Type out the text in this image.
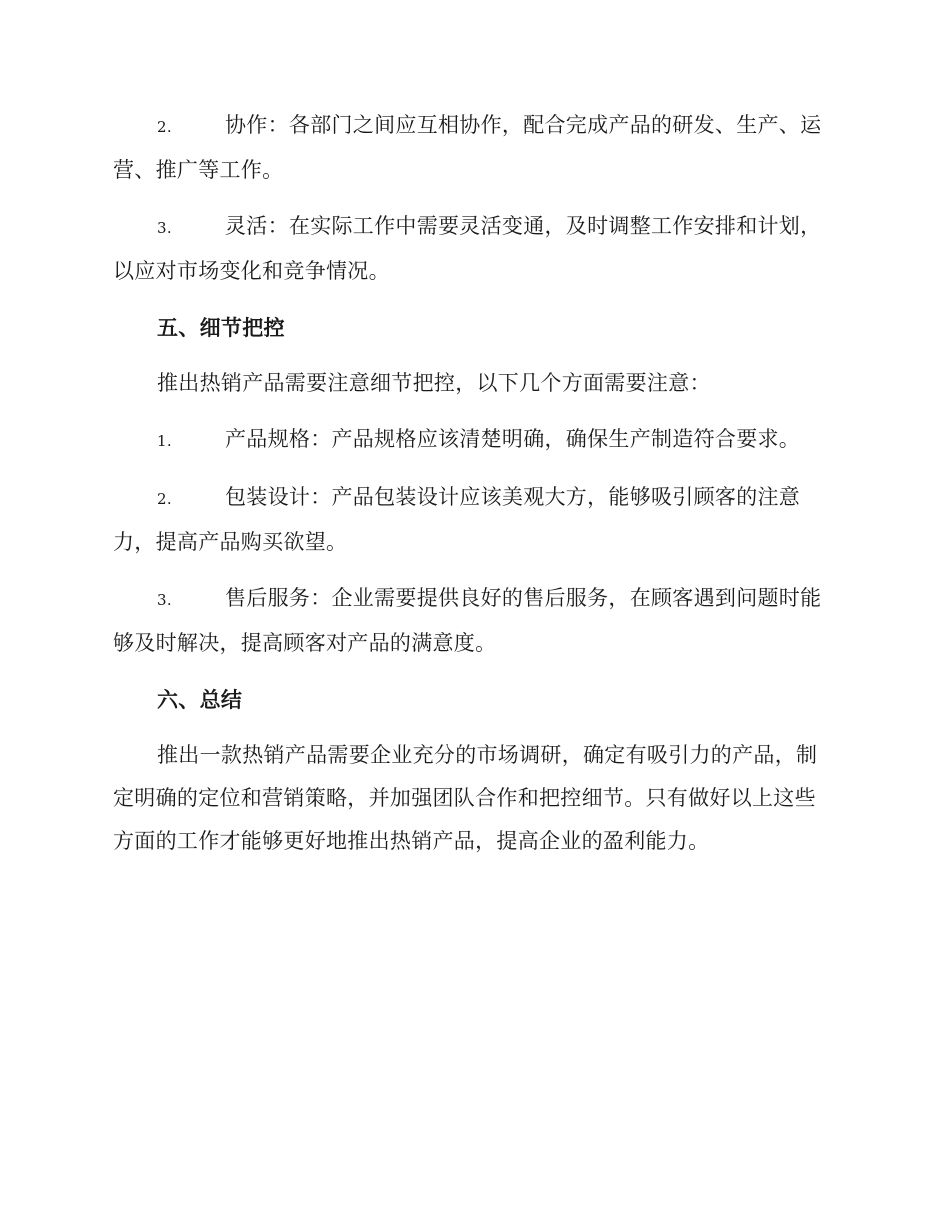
2.	协作：各部门之间应互相协作，配合完成产品的研发、生产、运营、推广等工作。
3.	灵活：在实际工作中需要灵活变通，及时调整工作安排和计划，以应对市场变化和竞争情况。
五、细节把控
推出热销产品需要注意细节把控，以下几个方面需要注意：
1.	产品规格：产品规格应该清楚明确，确保生产制造符合要求。
2.	包装设计：产品包装设计应该美观大方，能够吸引顾客的注意力，提高产品购买欲望。
3.	售后服务：企业需要提供良好的售后服务，在顾客遇到问题时能够及时解决，提高顾客对产品的满意度。
六、总结
推出一款热销产品需要企业充分的市场调研，确定有吸引力的产品，制定明确的定位和营销策略，并加强团队合作和把控细节。只有做好以上这些方面的工作才能够更好地推出热销产品，提高企业的盈利能力。
